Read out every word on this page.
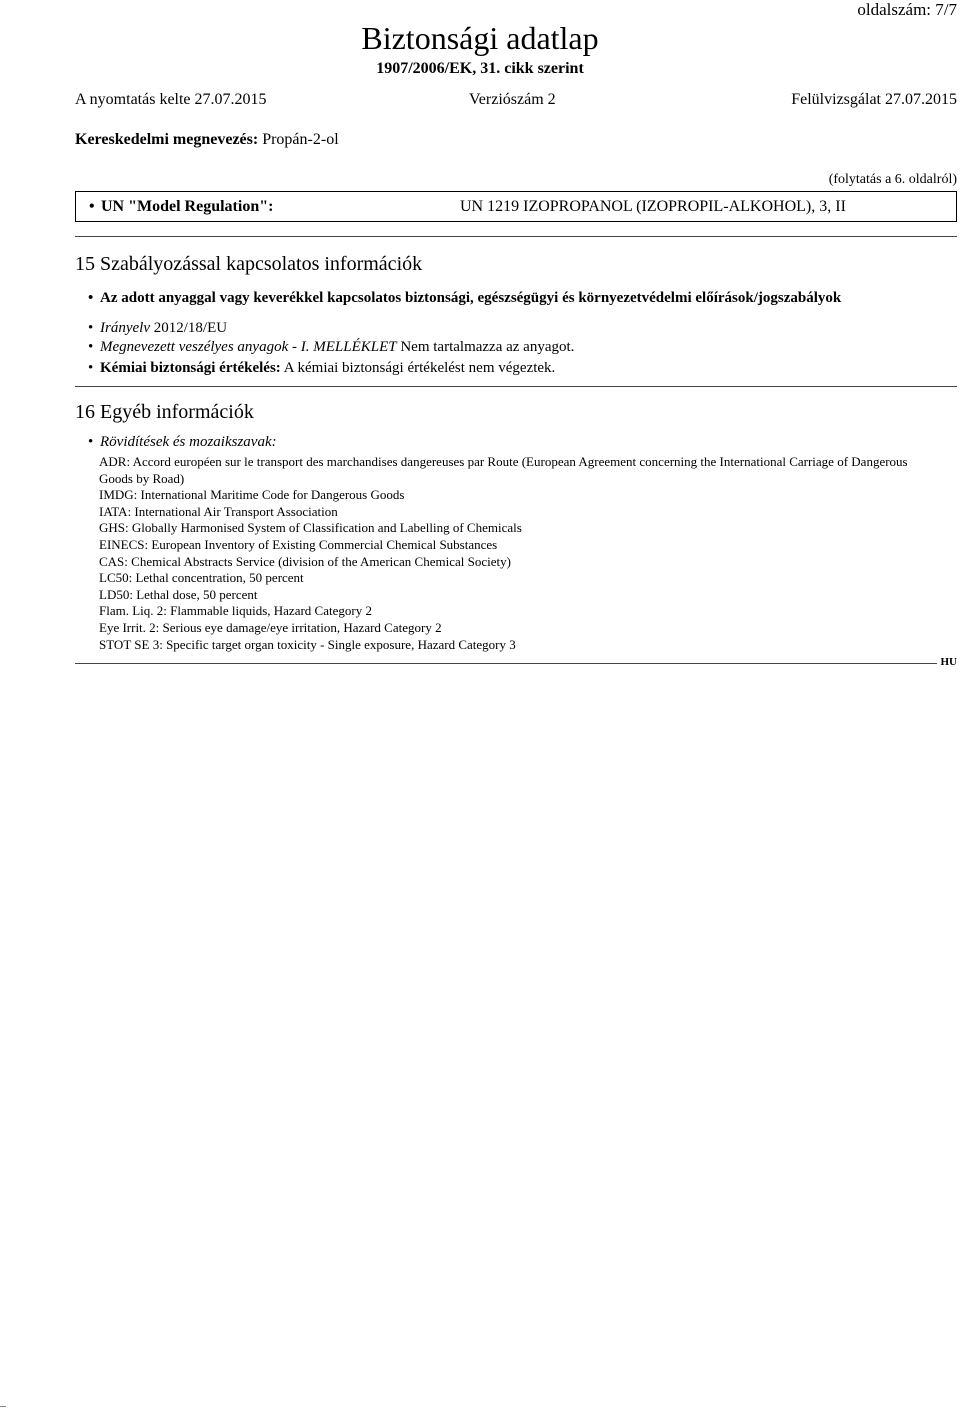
Biztonsági adatlap
1907/2006/EK, 31. cikk szerint
oldalszám: 7/7
A nyomtatás kelte 27.07.2015	Verziószám 2	Felülvizsgálat 27.07.2015
Kereskedelmi megnevezés: Propán-2-ol
(folytatás a 6. oldalról)
• UN "Model Regulation":	UN 1219 IZOPROPANOL (IZOPROPIL-ALKOHOL), 3, II
15 Szabályozással kapcsolatos információk
• Az adott anyaggal vagy keverékkel kapcsolatos biztonsági, egészségügyi és környezetvédelmi előírások/jogszabályok
• Irányelv 2012/18/EU
• Megnevezett veszélyes anyagok - I. MELLÉKLET Nem tartalmazza az anyagot.
• Kémiai biztonsági értékelés: A kémiai biztonsági értékelést nem végeztek.
16 Egyéb információk
• Rövidítések és mozaikszavak:
ADR: Accord européen sur le transport des marchandises dangereuses par Route (European Agreement concerning the International Carriage of Dangerous Goods by Road)
IMDG: International Maritime Code for Dangerous Goods
IATA: International Air Transport Association
GHS: Globally Harmonised System of Classification and Labelling of Chemicals
EINECS: European Inventory of Existing Commercial Chemical Substances
CAS: Chemical Abstracts Service (division of the American Chemical Society)
LC50: Lethal concentration, 50 percent
LD50: Lethal dose, 50 percent
Flam. Liq. 2: Flammable liquids, Hazard Category 2
Eye Irrit. 2: Serious eye damage/eye irritation, Hazard Category 2
STOT SE 3: Specific target organ toxicity - Single exposure, Hazard Category 3
HU
